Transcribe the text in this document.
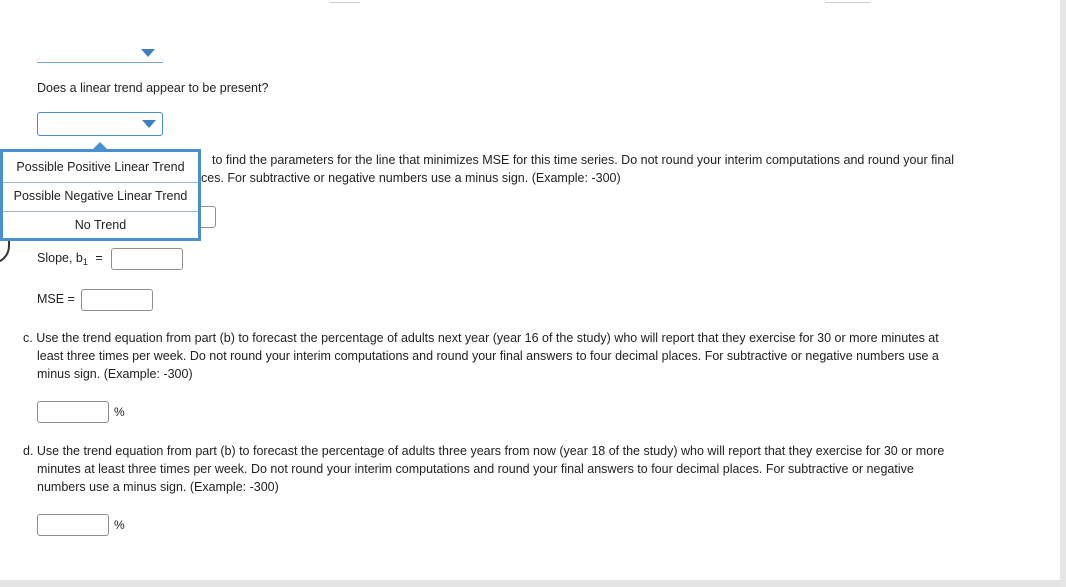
Does a linear trend appear to be present?
to find the parameters for the line that minimizes MSE for this time series. Do not round your interim computations and round your final
ces. For subtractive or negative numbers use a minus sign. (Example: -300)
Possible Positive Linear Trend
Possible Negative Linear Trend
No Trend
Slope, $b_1$ =
MSE =
c. Use the trend equation from part (b) to forecast the percentage of adults next year (year 16 of the study) who will report that they exercise for 30 or more minutes at
least three times per week. Do not round your interim computations and round your final answers to four decimal places. For subtractive or negative numbers use a
minus sign. (Example: -300)
%
d. Use the trend equation from part (b) to forecast the percentage of adults three years from now (year 18 of the study) who will report that they exercise for 30 or more
minutes at least three times per week. Do not round your interim computations and round your final answers to four decimal places. For subtractive or negative
numbers use a minus sign. (Example: -300)
%
